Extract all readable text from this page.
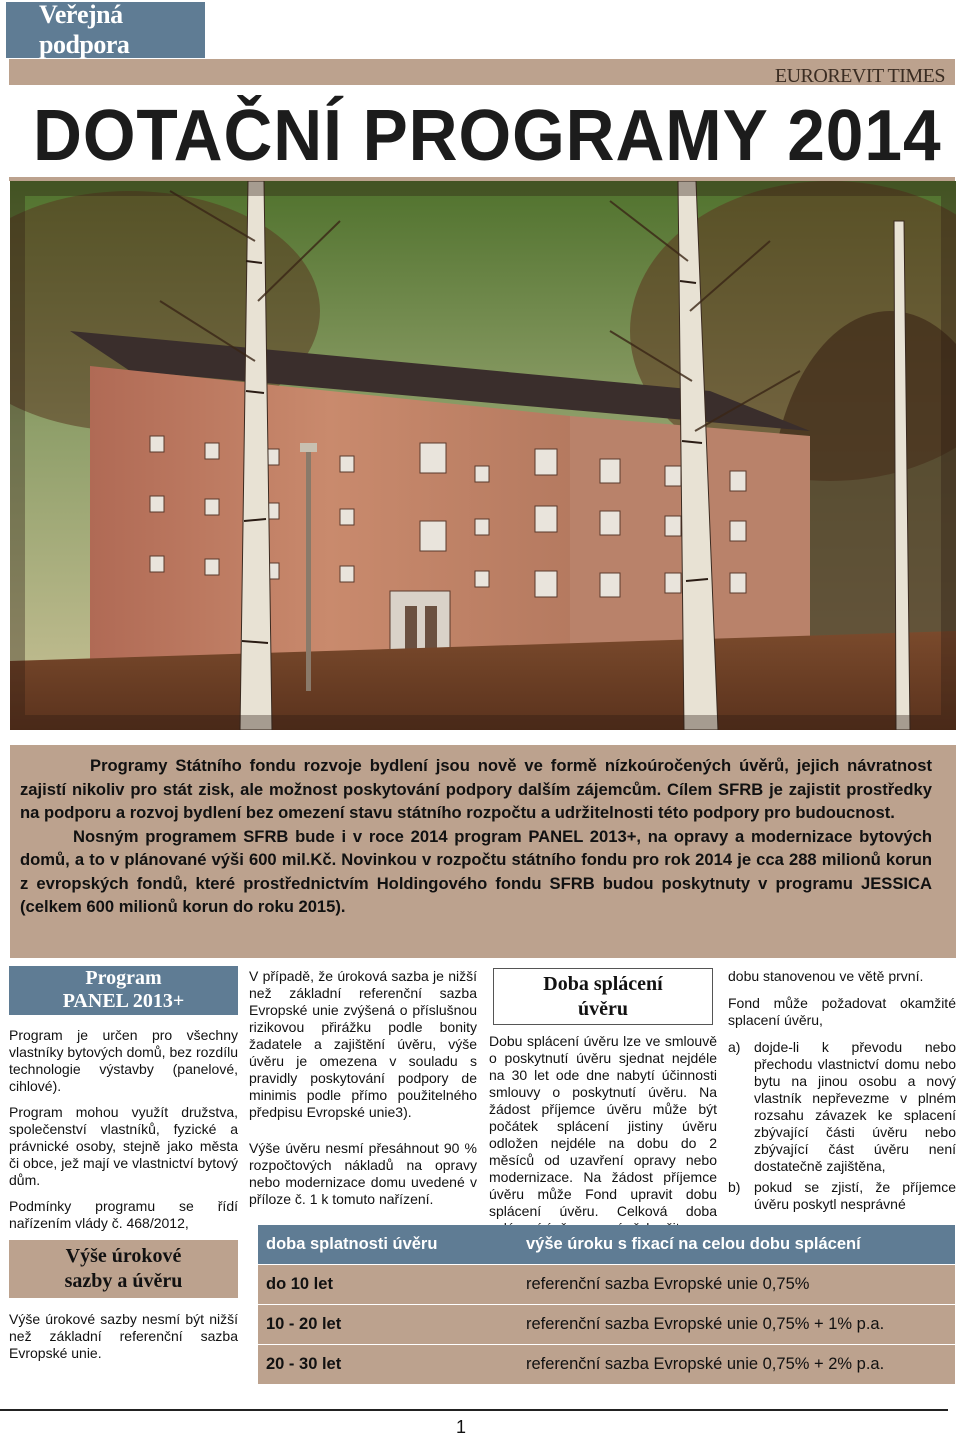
Veřejná podpora
EUROREVIT TIMES
DOTAČNÍ PROGRAMY 2014

Programy Státního fondu rozvoje bydlení jsou nově ve formě nízkoúročených úvěrů, jejich návratnost zajistí nikoliv pro stát zisk, ale možnost poskytování podpory dalším zájemcům. Cílem SFRB je zajistit prostředky na podporu a rozvoj bydlení bez omezení stavu státního rozpočtu a udržitelnosti této podpory pro budoucnost.

Nosným programem SFRB bude i v roce 2014 program PANEL 2013+, na opravy a modernizace bytových domů, a to v plánované výši 600 mil.Kč. Novinkou v rozpočtu státního fondu pro rok 2014 je cca 288 milionů korun z evropských fondů, které prostřednictvím Holdingového fondu SFRB budou poskytnuty v programu JESSICA (celkem 600 milionů korun do roku 2015).

Program
PANEL 2013+

Program je určen pro všechny vlastníky bytových domů, bez rozdílu technologie výstavby (panelové, cihlové).

Program mohou využít družstva, společenství vlastníků, fyzické a právnické osoby, stejně jako města či obce, jež mají ve vlastnictví bytový dům.

Podmínky programu se řídí nařízením vlády č. 468/2012,

Výše úrokové
sazby a úvěru

Výše úrokové sazby nesmí být nižší než základní referenční sazba Evropské unie.

V případě, že úroková sazba je nižší než základní referenční sazba Evropské unie zvýšená o příslušnou rizikovou přirážku podle bonity žadatele a zajištění úvěru, výše úvěru je omezena v souladu s pravidly poskytování podpory de minimis podle přímo použitelného předpisu Evropské unie3).

Výše úvěru nesmí přesáhnout 90 % rozpočtových nákladů na opravy nebo modernizace domu uvedené v příloze č. 1 k tomuto nařízení.

Doba splácení
úvěru

Dobu splácení úvěru lze ve smlouvě o poskytnutí úvěru sjednat nejdéle na 30 let ode dne nabytí účinnosti smlouvy o poskytnutí úvěru. Na žádost příjemce úvěru může být počátek splácení jistiny úvěru odložen nejdéle na dobu do 2 měsíců od uzavření opravy nebo modernizace. Na žádost příjemce úvěru může Fond upravit dobu splácení úvěru. Celková doba

dobu stanovenou ve větě první.

Fond může požadovat okamžité splacení úvěru,

a) dojde-li k převodu nebo přechodu vlastnictví domu nebo bytu na jinou osobu a nový vlastník nepřevezme v plném rozsahu závazek ke splacení zbývající části úvěru nebo zbývající část úvěru není dostatečně zajištěna,
b) pokud se zjistí, že příjemce úvěru poskytl nesprávné
doba splatnosti úvěru	výše úroku s fixací na celou dobu splácení
do 10 let	referenční sazba Evropské unie 0,75%
10 - 20 let	referenční sazba Evropské unie 0,75% + 1% p.a.
20 - 30 let	referenční sazba Evropské unie 0,75% + 2% p.a.
1
